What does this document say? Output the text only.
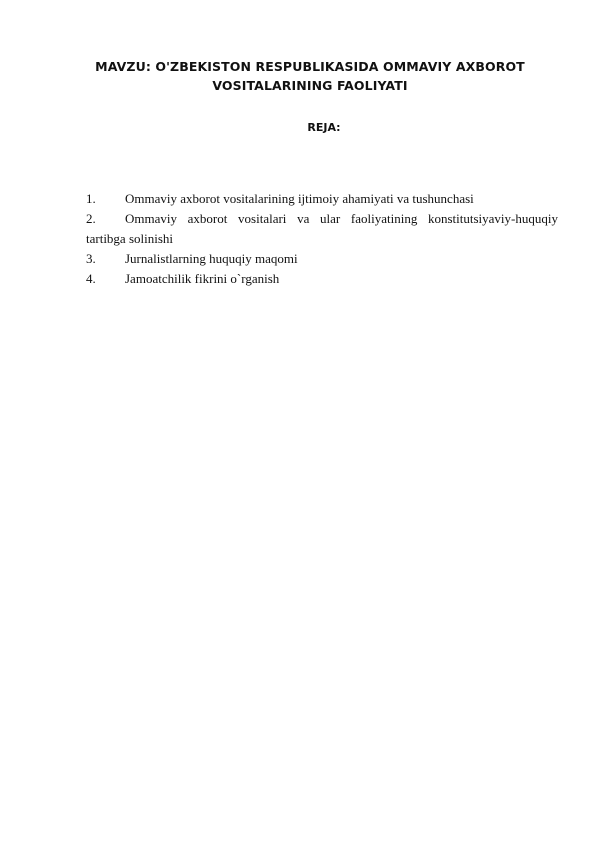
MAVZU: O'ZBEKISTON RESPUBLIKASIDA OMMAVIY AXBOROT
VOSITALARINING FAOLIYATI
REJA:
1. Ommaviy axborot vositalarining ijtimoiy ahamiyati va tushunchasi
2.	Ommaviy axborot vositalari va ular faoliyatining konstitutsiyaviy-huquqiy
tartibga solinishi
3. Jurnalistlarning huquqiy maqomi
4. Jamoatchilik fikrini o`rganish
